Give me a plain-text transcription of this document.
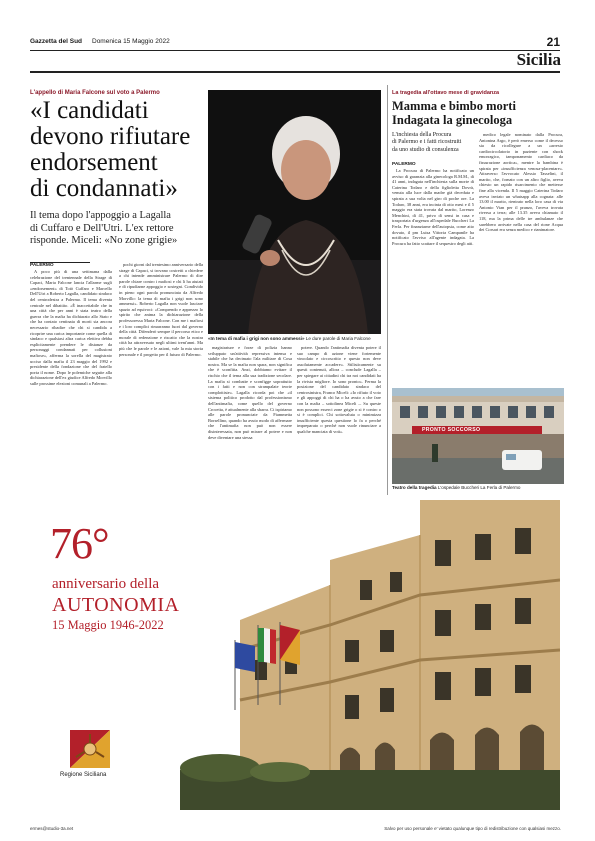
Gazzetta del Sud Domenica 15 Maggio 2022	21
Sicilia
L'appello di Maria Falcone sul voto a Palermo
«I candidati
devono rifiutare
endorsement
di condannati»
Il tema dopo l'appoggio a Lagalla
di Cuffaro e Dell'Utri. L'ex rettore
risponde. Miceli: «No zone grigie»
«In tema di mafia i grigi non sono ammessi» Le dure parole di Maria Falcone
PALERMO

A poco più di una settimana dalla celebrazione del trentennale della Strage di Capaci, Maria Falcone lancia l'allarme sugli «endorsement» di Totò Cuffaro e Marcello Dell'Utri a Roberto Lagalla, candidato sindaco del centrodestra a Palermo. Il tema diventa centrale nel dibattito. «È inaccettabile che in una città che per anni è stata teatro della guerra che la mafia ha dichiarato allo Stato e che ha contato centinaia di morti sia ancora necessario ribadire che chi si candida a ricoprire una carica importante come quella di sindaco e qualsiasi altra carica elettiva debba esplicitamente prendere le distanze da personaggi condannati per collusioni mafiose», afferma la sorella del magistrato ucciso dalla mafia il 23 maggio del 1992 e presidente della fondazione che del fratello porta il nome. Dopo le polemiche seguite alla dichiarazione dell'ex giudice Alfredo Morvillo sulle prossime elezioni comunali a Palermo.

pochi giorni dal trentesimo anniversario della strage di Capaci, si trovano costretti a chiedere a chi intende amministrare Palermo di dire parole chiare contro i mafiosi e chi li ha aiutati e di ripudiarne appoggio e sostegni. Condivido in pieno ogni parola pronunciata da Alfredo Morvillo: la tema di mafia i grigi non sono ammessi». Roberto Lagalla non vuole lasciare spazio ad equivoci: «Comprendo e apprezzo lo spirito che anima la dichiarazione della professoressa Maria Falcone. Con me i mafiosi e i loro complici rimarranno fuori dal governo della città. Difenderò sempre il percorso etico e morale di redenzione e riscatto che la nostra città ha attraversato negli ultimi trent'anni. Ma più che le parole e le azioni, vale la mia storia personale e il progetto per il futuro di Palermo.

magistrature e forze di polizia hanno sviluppato un'attività repressiva intensa e stabile che ha decimato l'ala militare di Cosa nostra. Ma se la mafia non spara, non significa che è sconfitta. Anzi, dobbiamo evitare il rischio che il tema alla sua tradizione secolare. La mafia si combatte e sconfigge soprattutto con i fatti e non con strampalate teorie complottiste». Lagalla ricorda poi che «il sistema politico prodotto dal professionismo dell'antimafia, come quello del governo Crocetta, è attualmente alla sbarra. Ci ispiriamo alle parole pronunciate da Fiammetta Borsellino, quando ha avuto modo di affermare che l'antimafia non può non essere disinteressata, non può mirare al potere e non deve diventare una stessa

potere. Quando l'antimafia diventa potere il suo campo di azione viene fortemente vincolato e circoscritto e questo non deve assolutamente accadere». Stilisticamente su questi contenuti, allora – conclude Lagalla – per spiegare ai cittadini chi tra noi candidati ha la rivista migliore. Io sono pronto». Ferma la posizione del candidato sindaco del centrosinistra, Franco Miceli: «Io rifiuto il voto e gli appoggi di chi ha o ha avuto a che fare con la mafia – sottolinea Miceli –. Su queste non possono esserci zone grigie o si è contro o si è complici. Chi sottovaluta o minimizza insufficiente questa questione lo fa o perché impreparato o perché non vuole rinunciare a qualche manciata di voti».

La tragedia all'ottavo mese di gravidanza
Mamma e bimbo morti
Indagata la ginecologa
L'inchiesta della Procura
di Palermo e i fatti ricostruiti
da uno studio di consulenza
PALERMO

La Procura di Palermo ha notificato un avviso di garanzia alla ginecologa R.M.M., di 41 anni, indagata nell'inchiesta sulla morte di Caterina Todaro e della figlioletta Dovrà, venuta alla luce dalla madre già deceduta e spirata a sua volta nel giro di poche ore. La Todaro, 38 anni, era incinta di otto mesi e il 5 maggio era stata trovata dal marito, Lorenzo Menchini, di 41, privo di sensi in casa e trasportata d'urgenza all'ospedale Buccheri La Ferla. Per finanziarne dell'autopsia, come atto dovuto, il pm Luisa Vittoria Campanile ha notificato l'avviso all'agente indagata. La Procura ha fatto scattare il sequestro degli atti.

medico legale nominato dalla Procura, Antonina Argo, è però emerso come il decesso sia da ricollegare a un «arresto cardiocircolatorio in paziente con shock emorragico, tamponamento cardiaco da fissurazione aortica», mentre la bambina è spirata per «insufficienza venosa-placentare». Attraverso l'avvocato Alessio Tasselini, il marito, che, fornato con un altro figlio, aveva chiesto un rapido risarcimento che mettesse fine alla vicenda. Il 5 maggio Caterina Todaro aveva inviato un whatsapp alla cognata: alle 13.00 il marito, rientrato nella loro casa di via Antonio Vian per il pranzo, l'aveva trovata riversa a terra; alle 13.35 aveva chiamato il 118, ma la prima delle tre ambulanze che sarebbero arrivate nella casa del rione Acqua dei Corsari era senza medico e rianimatore.

PRONTO SOCCORSO
Teatro della tragedia L'ospedale Buccheri La Ferla di Palermo
76°
anniversario della
AUTONOMIA
15 Maggio 1946-2022
Regione Siciliana
ermes@studio-3a.net	Salvo per uso personale e' vietato qualunque tipo di redistribuzione con qualsiasi mezzo.
